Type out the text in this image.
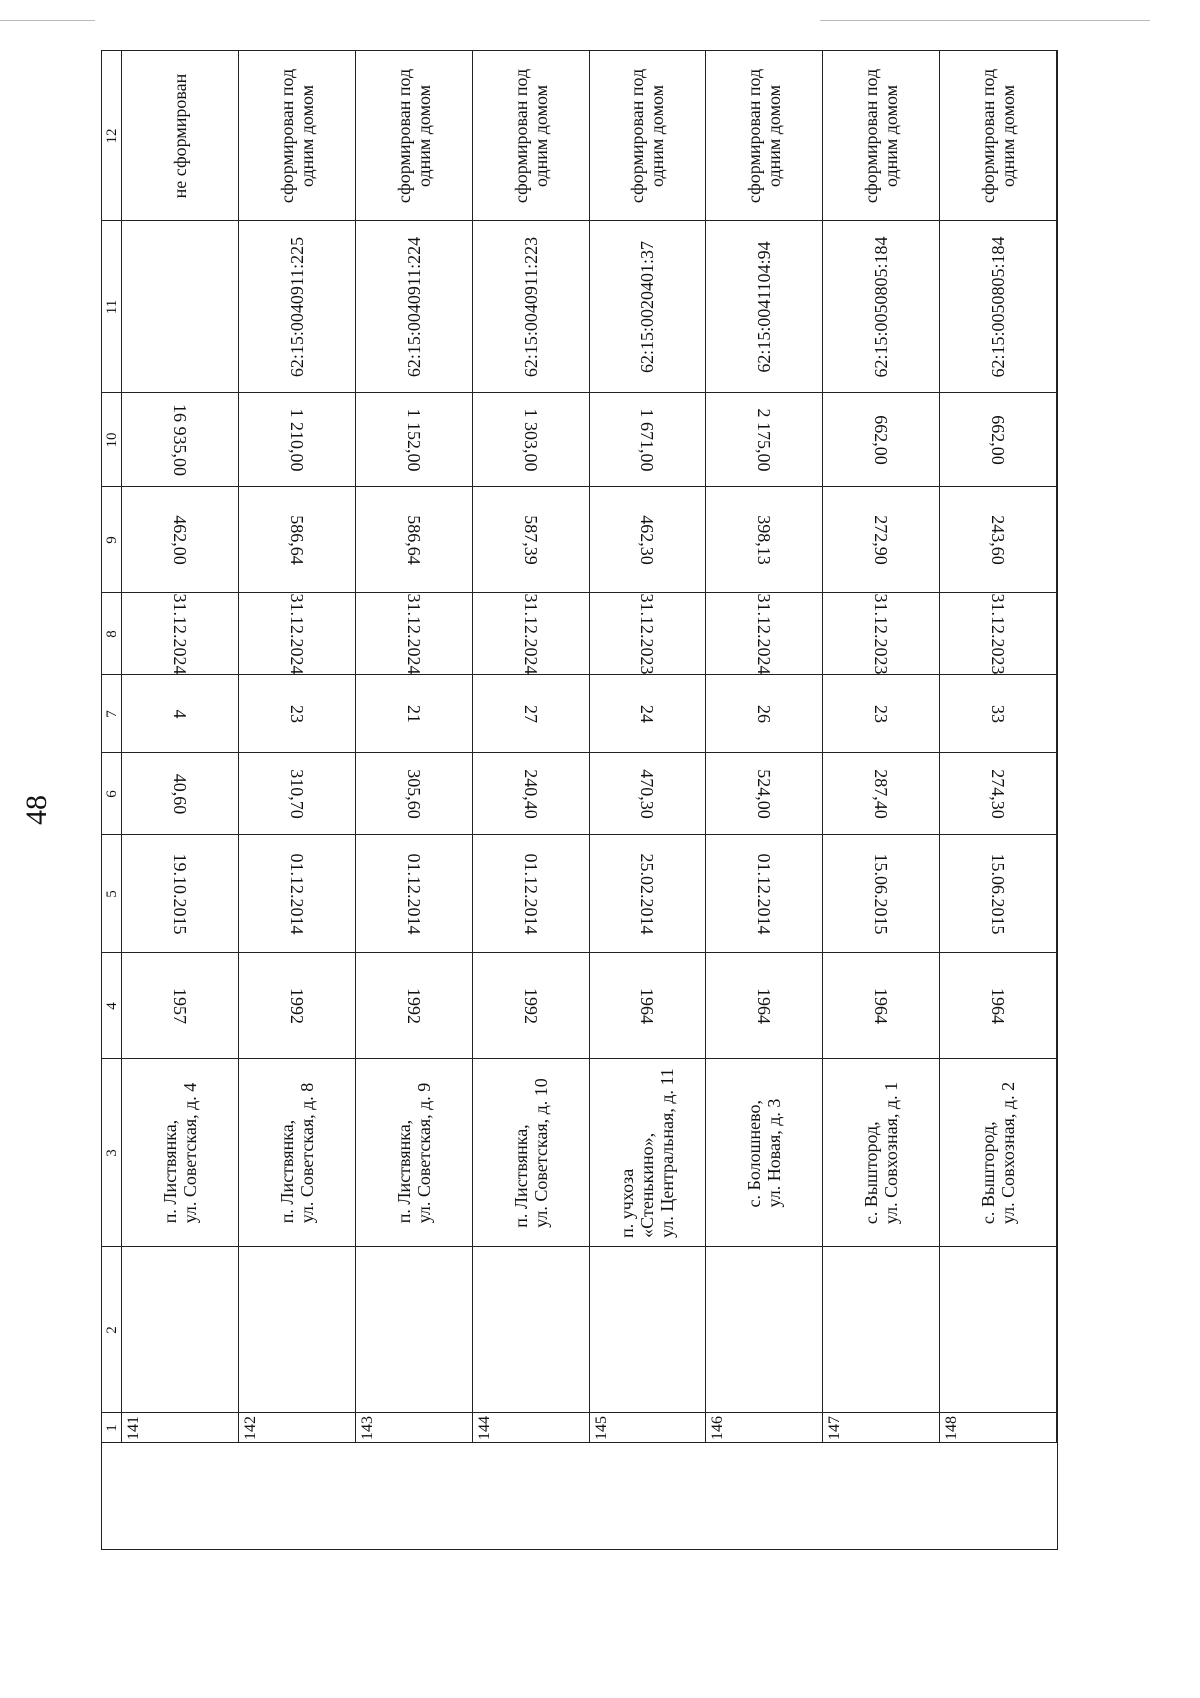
48
1
2
3
4
5
6
7
8
9
10
11
12	не сформирован
16 935,00
462,00
31.12.2024
4
40,60
19.10.2015
1957
п. Листвянка, ул. Советская, д. 4
141
сформирован под одним домом
62:15:0040911:225
1 210,00
586,64
31.12.2024
23
310,70
01.12.2014
1992
п. Листвянка, ул. Советская, д. 8
142
сформирован под одним домом
62:15:0040911:224
1 152,00
586,64
31.12.2024
21
305,60
01.12.2014
1992
п. Листвянка, ул. Советская, д. 9
143
сформирован под одним домом
62:15:0040911:223
1 303,00
587,39
31.12.2024
27
240,40
01.12.2014
1992
п. Листвянка, ул. Советская, д. 10
144
сформирован под одним домом
62:15:0020401:37
1 671,00
462,30
31.12.2023
24
470,30
25.02.2014
1964
п. учхоза «Стенькино», ул. Центральная, д. 11
145
сформирован под одним домом
62:15:0041104:94
2 175,00
398,13
31.12.2024
26
524,00
01.12.2014
1964
с. Болошнево, ул. Новая, д. 3
146
сформирован под одним домом
62:15:0050805:184
662,00
272,90
31.12.2023
23
287,40
15.06.2015
1964
с. Выштород, ул. Совхозная, д. 1
147
сформирован под одним домом
62:15:0050805:184
662,00
243,60
31.12.2023
33
274,30
15.06.2015
1964
с. Выштород, ул. Совхозная, д. 2
148
